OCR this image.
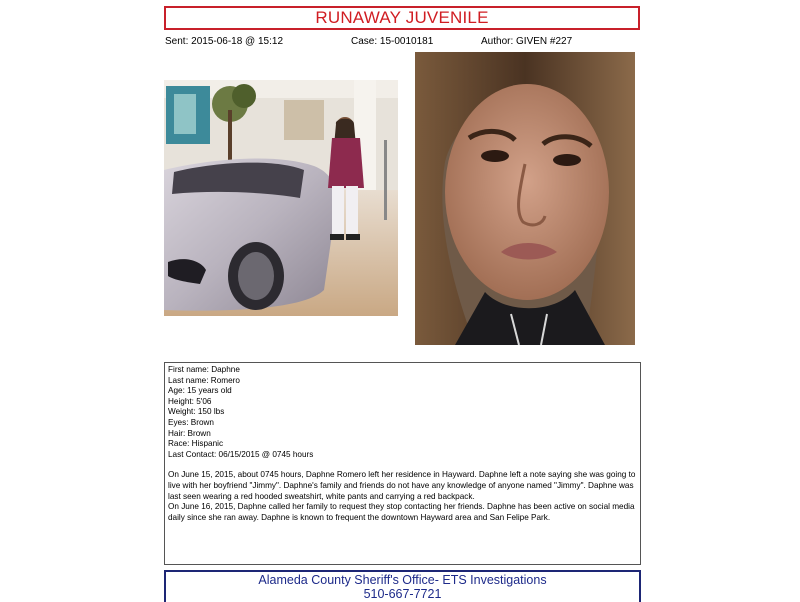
RUNAWAY JUVENILE
Sent: 2015-06-18 @ 15:12	Case: 15-0010181	Author: GIVEN #227
First name: Daphne
Last name: Romero
Age: 15 years old
Height: 5'06
Weight: 150 lbs
Eyes: Brown
Hair: Brown
Race: Hispanic
Last Contact: 06/15/2015 @ 0745 hours
On June 15, 2015, about 0745 hours, Daphne Romero left her residence in Hayward. Daphne left a note saying she was going to live with her boyfriend "Jimmy". Daphne's family and friends do not have any knowledge of anyone named "Jimmy". Daphne was last seen wearing a red hooded sweatshirt, white pants and carrying a red backpack.
On June 16, 2015, Daphne called her family to request they stop contacting her friends. Daphne has been active on social media daily since she ran away. Daphne is known to frequent the downtown Hayward area and San Felipe Park.
Alameda County Sheriff's Office- ETS Investigations
510-667-7721
